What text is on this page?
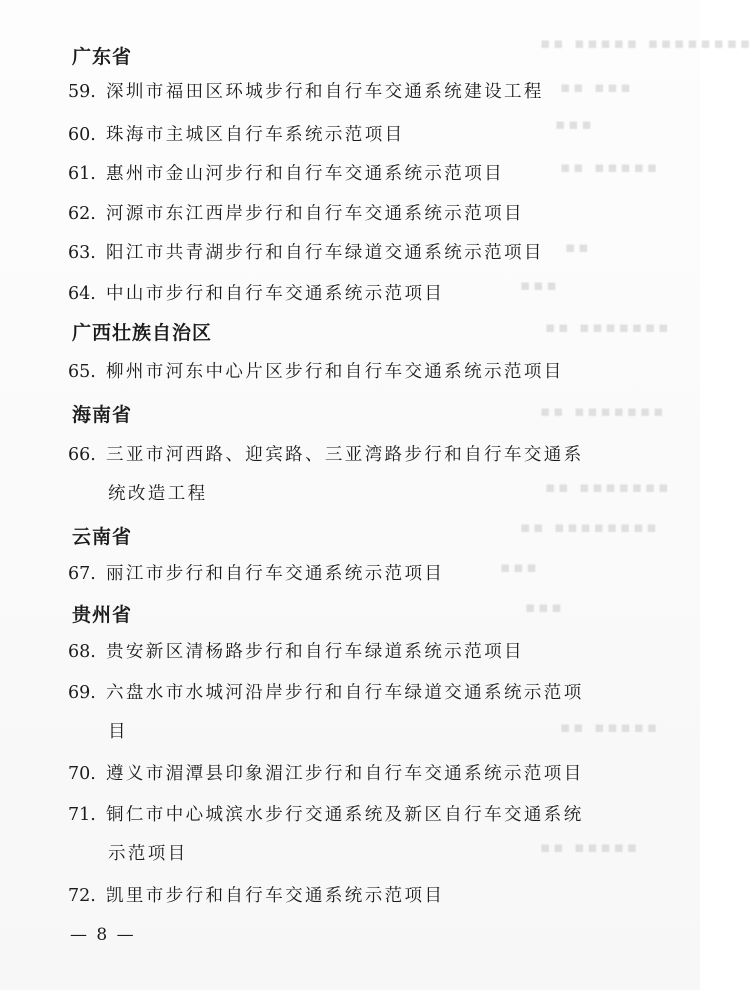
▪▪ ▪▪▪▪▪ ▪▪▪▪▪▪▪▪
▪▪ ▪▪▪
▪▪▪
▪▪ ▪▪▪▪▪
▪▪
▪▪▪
▪▪ ▪▪▪▪▪▪▪
▪▪ ▪▪▪▪▪▪▪
▪▪ ▪▪▪▪▪▪▪
▪▪ ▪▪▪▪▪▪▪▪
▪▪▪
▪▪▪
▪▪ ▪▪▪▪▪
▪▪ ▪▪▪▪▪
广东省
59 . 深圳市福田区环城步行和自行车交通系统建设工程
60 . 珠海市主城区自行车系统示范项目
61 . 惠州市金山河步行和自行车交通系统示范项目
62 . 河源市东江西岸步行和自行车交通系统示范项目
63 . 阳江市共青湖步行和自行车绿道交通系统示范项目
64 . 中山市步行和自行车交通系统示范项目
广西壮族自治区
65 . 柳州市河东中心片区步行和自行车交通系统示范项目
海南省
66 . 三亚市河西路、迎宾路、三亚湾路步行和自行车交通系
统改造工程
云南省
67 . 丽江市步行和自行车交通系统示范项目
贵州省
68 . 贵安新区清杨路步行和自行车绿道系统示范项目
69 . 六盘水市水城河沿岸步行和自行车绿道交通系统示范项
目
70 . 遵义市湄潭县印象湄江步行和自行车交通系统示范项目
71 . 铜仁市中心城滨水步行交通系统及新区自行车交通系统
示范项目
72 . 凯里市步行和自行车交通系统示范项目
— 8 —
